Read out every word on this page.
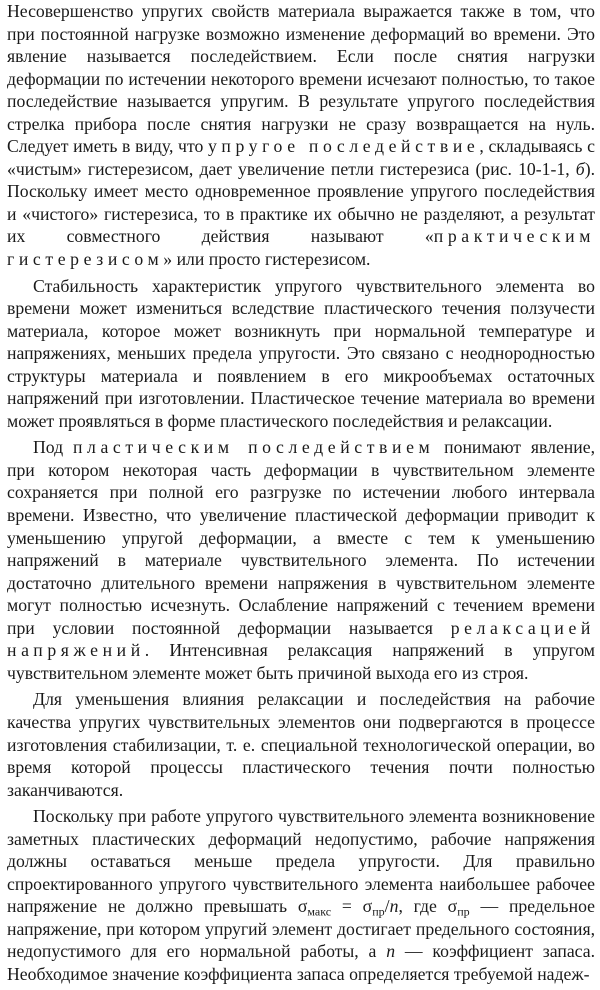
Несовершенство упругих свойств материала выражается также в том, что при постоянной нагрузке возможно изменение деформаций во времени. Это явление называется последействием. Если после снятия нагрузки деформации по истечении некоторого времени исчезают полностью, то такое последействие называется упругим. В результате упругого последействия стрелка прибора после снятия нагрузки не сразу возвращается на нуль. Следует иметь в виду, что упругое последействие, складываясь с «чистым» гистерезисом, дает увеличение петли гистерезиса (рис. 10-1-1, б). Поскольку имеет место одновременное проявление упругого последействия и «чистого» гистерезиса, то в практике их обычно не разделяют, а результат их совместного действия называют «практическим гистерезисом» или просто гистерезисом.

Стабильность характеристик упругого чувствительного элемента во времени может измениться вследствие пластического течения ползучести материала, которое может возникнуть при нормальной температуре и напряжениях, меньших предела упругости. Это связано с неоднородностью структуры материала и появлением в его микрообъемах остаточных напряжений при изготовлении. Пластическое течение материала во времени может проявляться в форме пластического последействия и релаксации.

Под пластическим последействием понимают явление, при котором некоторая часть деформации в чувствительном элементе сохраняется при полной его разгрузке по истечении любого интервала времени. Известно, что увеличение пластической деформации приводит к уменьшению упругой деформации, а вместе с тем к уменьшению напряжений в материале чувствительного элемента. По истечении достаточно длительного времени напряжения в чувствительном элементе могут полностью исчезнуть. Ослабление напряжений с течением времени при условии постоянной деформации называется релаксацией напряжений. Интенсивная релаксация напряжений в упругом чувствительном элементе может быть причиной выхода его из строя.

Для уменьшения влияния релаксации и последействия на рабочие качества упругих чувствительных элементов они подвергаются в процессе изготовления стабилизации, т. е. специальной технологической операции, во время которой процессы пластического течения почти полностью заканчиваются.

Поскольку при работе упругого чувствительного элемента возникновение заметных пластических деформаций недопустимо, рабочие напряжения должны оставаться меньше предела упругости. Для правильно спроектированного упругого чувствительного элемента наибольшее рабочее напряжение не должно превышать $\sigma_{макс} = \sigma_{пр}/n$, где $\sigma_{пр}$ — предельное напряжение, при котором упругий элемент достигает предельного состояния, недопустимого для его нормальной работы, а n — коэффициент запаса. Необходимое значение коэффициента запаса определяется требуемой надеж-
